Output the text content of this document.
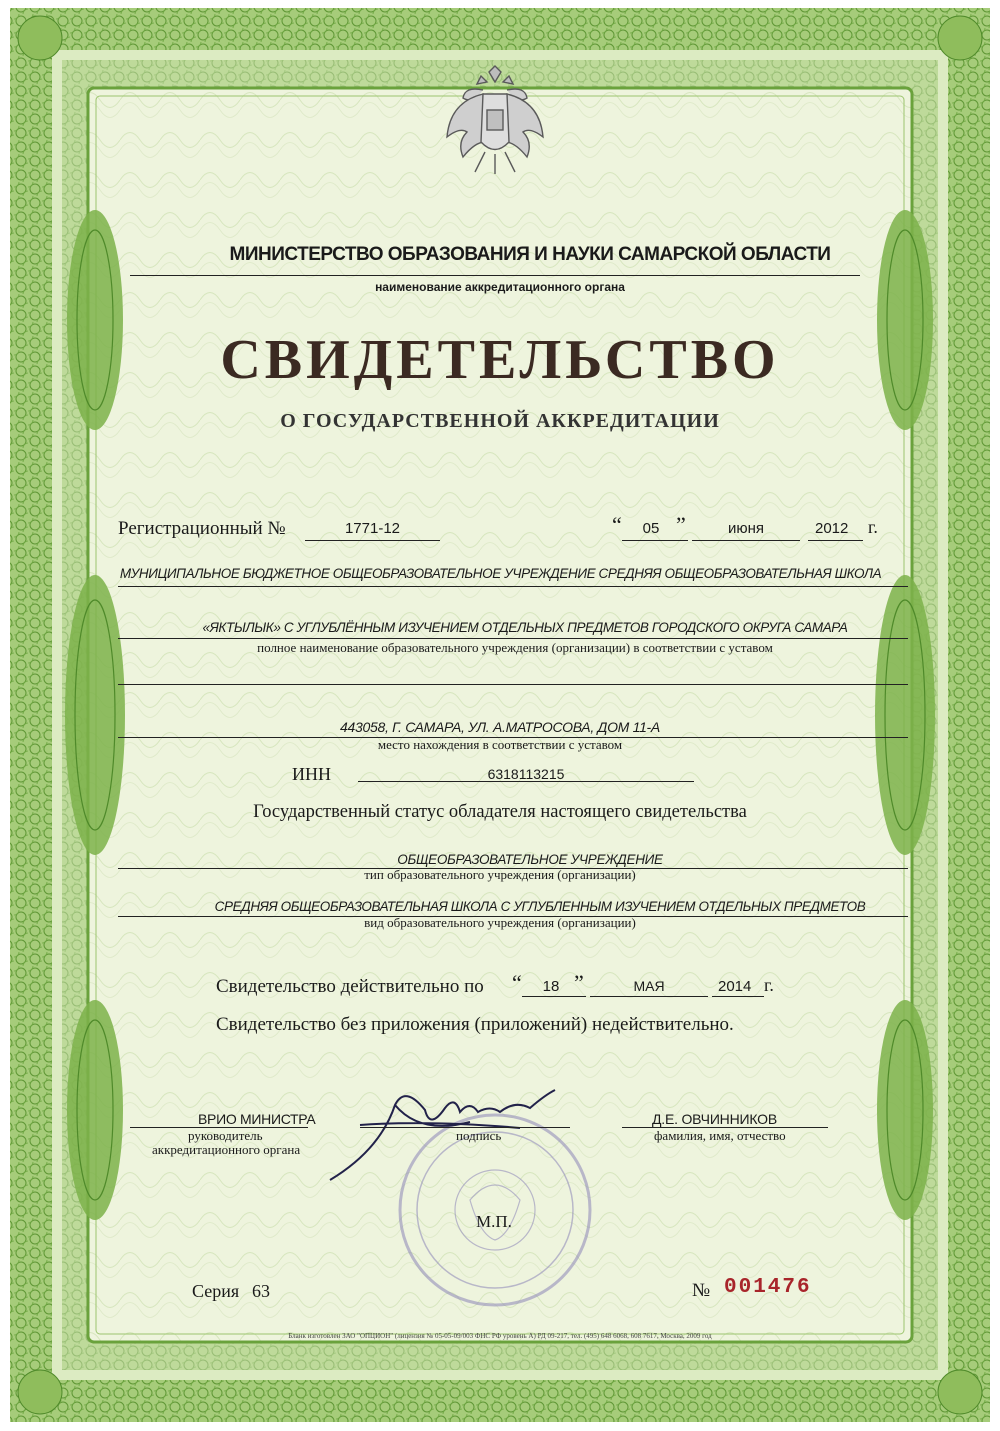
МИНИСТЕРСТВО ОБРАЗОВАНИЯ И НАУКИ САМАРСКОЙ ОБЛАСТИ
наименование аккредитационного органа
СВИДЕТЕЛЬСТВО
О ГОСУДАРСТВЕННОЙ АККРЕДИТАЦИИ
Регистрационный №	1771-12	“	05 ”	июня	2012 г.
МУНИЦИПАЛЬНОЕ БЮДЖЕТНОЕ ОБЩЕОБРАЗОВАТЕЛЬНОЕ УЧРЕЖДЕНИЕ СРЕДНЯЯ ОБЩЕОБРАЗОВАТЕЛЬНАЯ ШКОЛА
«ЯКТЫЛЫК» С УГЛУБЛЁННЫМ ИЗУЧЕНИЕМ ОТДЕЛЬНЫХ ПРЕДМЕТОВ ГОРОДСКОГО ОКРУГА САМАРА
полное наименование образовательного учреждения (организации) в соответствии с уставом
443058, Г. САМАРА, УЛ. А.МАТРОСОВА, ДОМ 11-А
место нахождения в соответствии с уставом
ИНН	6318113215
Государственный статус обладателя настоящего свидетельства
ОБЩЕОБРАЗОВАТЕЛЬНОЕ УЧРЕЖДЕНИЕ
тип образовательного учреждения (организации)
СРЕДНЯЯ ОБЩЕОБРАЗОВАТЕЛЬНАЯ ШКОЛА С УГЛУБЛЕННЫМ ИЗУЧЕНИЕМ ОТДЕЛЬНЫХ ПРЕДМЕТОВ
вид образовательного учреждения (организации)
Свидетельство действительно по “	18 ”	МАЯ	2014 г.
Свидетельство без приложения (приложений) недействительно.
ВРИО МИНИСТРА
руководитель
аккредитационного органа
подпись
Д.Е. ОВЧИННИКОВ
фамилия, имя, отчество
М.П.
Серия 63	№ 001476
Бланк изготовлен ЗАО "ОПЦИОН" (лицензия № 05-05-09/003 ФНС РФ уровень А) РД 09-217, тел. (495) 648 6068, 608 7617, Москва, 2009 год
